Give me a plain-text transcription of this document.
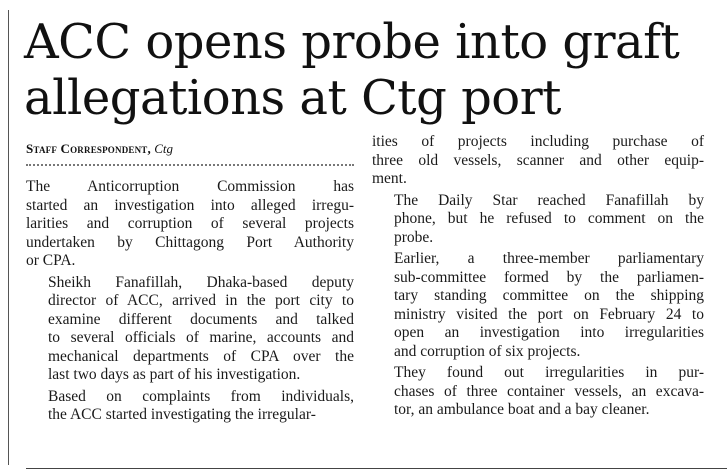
ACC opens probe into graft
allegations at Ctg port
Staff Correspondent, Ctg

The Anticorruption Commission has
started an investigation into alleged irregu-
larities and corruption of several projects
undertaken by Chittagong Port Authority
or CPA.

Sheikh Fanafillah, Dhaka-based deputy
director of ACC, arrived in the port city to
examine different documents and talked
to several officials of marine, accounts and
mechanical departments of CPA over the
last two days as part of his investigation.

Based on complaints from individuals,
the ACC started investigating the irregular-

ities of projects including purchase of
three old vessels, scanner and other equip-
ment.

The Daily Star reached Fanafillah by
phone, but he refused to comment on the
probe.

Earlier, a three-member parliamentary
sub-committee formed by the parliamen-
tary standing committee on the shipping
ministry visited the port on February 24 to
open an investigation into irregularities
and corruption of six projects.

They found out irregularities in pur-
chases of three container vessels, an excava-
tor, an ambulance boat and a bay cleaner.
